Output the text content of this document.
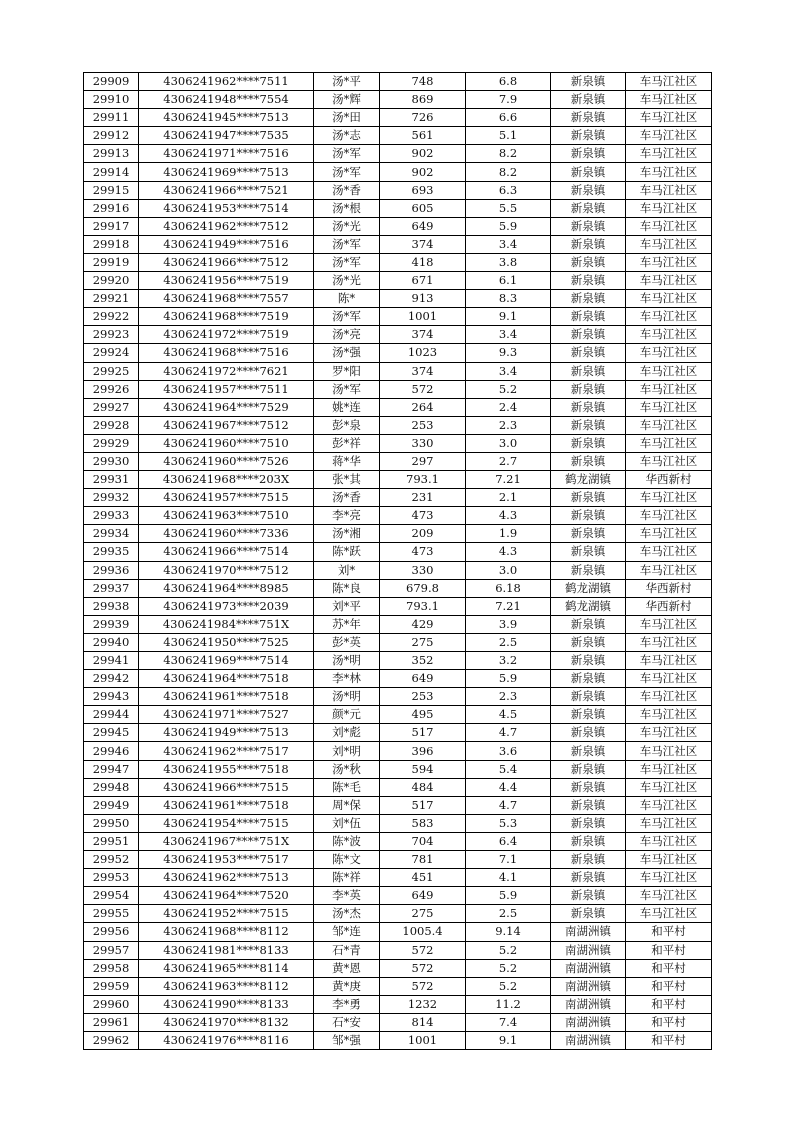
29909	4306241962****7511	汤*平	748	6.8	新泉镇	车马江社区
29910	4306241948****7554	汤*辉	869	7.9	新泉镇	车马江社区
29911	4306241945****7513	汤*田	726	6.6	新泉镇	车马江社区
29912	4306241947****7535	汤*志	561	5.1	新泉镇	车马江社区
29913	4306241971****7516	汤*军	902	8.2	新泉镇	车马江社区
29914	4306241969****7513	汤*军	902	8.2	新泉镇	车马江社区
29915	4306241966****7521	汤*香	693	6.3	新泉镇	车马江社区
29916	4306241953****7514	汤*根	605	5.5	新泉镇	车马江社区
29917	4306241962****7512	汤*光	649	5.9	新泉镇	车马江社区
29918	4306241949****7516	汤*军	374	3.4	新泉镇	车马江社区
29919	4306241966****7512	汤*军	418	3.8	新泉镇	车马江社区
29920	4306241956****7519	汤*光	671	6.1	新泉镇	车马江社区
29921	4306241968****7557	陈*	913	8.3	新泉镇	车马江社区
29922	4306241968****7519	汤*军	1001	9.1	新泉镇	车马江社区
29923	4306241972****7519	汤*亮	374	3.4	新泉镇	车马江社区
29924	4306241968****7516	汤*强	1023	9.3	新泉镇	车马江社区
29925	4306241972****7621	罗*阳	374	3.4	新泉镇	车马江社区
29926	4306241957****7511	汤*军	572	5.2	新泉镇	车马江社区
29927	4306241964****7529	姚*连	264	2.4	新泉镇	车马江社区
29928	4306241967****7512	彭*泉	253	2.3	新泉镇	车马江社区
29929	4306241960****7510	彭*祥	330	3.0	新泉镇	车马江社区
29930	4306241960****7526	蒋*华	297	2.7	新泉镇	车马江社区
29931	4306241968****203X	张*其	793.1	7.21	鹤龙湖镇	华西新村
29932	4306241957****7515	汤*香	231	2.1	新泉镇	车马江社区
29933	4306241963****7510	李*亮	473	4.3	新泉镇	车马江社区
29934	4306241960****7336	汤*湘	209	1.9	新泉镇	车马江社区
29935	4306241966****7514	陈*跃	473	4.3	新泉镇	车马江社区
29936	4306241970****7512	刘*	330	3.0	新泉镇	车马江社区
29937	4306241964****8985	陈*良	679.8	6.18	鹤龙湖镇	华西新村
29938	4306241973****2039	刘*平	793.1	7.21	鹤龙湖镇	华西新村
29939	4306241984****751X	苏*年	429	3.9	新泉镇	车马江社区
29940	4306241950****7525	彭*英	275	2.5	新泉镇	车马江社区
29941	4306241969****7514	汤*明	352	3.2	新泉镇	车马江社区
29942	4306241964****7518	李*林	649	5.9	新泉镇	车马江社区
29943	4306241961****7518	汤*明	253	2.3	新泉镇	车马江社区
29944	4306241971****7527	颜*元	495	4.5	新泉镇	车马江社区
29945	4306241949****7513	刘*彪	517	4.7	新泉镇	车马江社区
29946	4306241962****7517	刘*明	396	3.6	新泉镇	车马江社区
29947	4306241955****7518	汤*秋	594	5.4	新泉镇	车马江社区
29948	4306241966****7515	陈*毛	484	4.4	新泉镇	车马江社区
29949	4306241961****7518	周*保	517	4.7	新泉镇	车马江社区
29950	4306241954****7515	刘*伍	583	5.3	新泉镇	车马江社区
29951	4306241967****751X	陈*波	704	6.4	新泉镇	车马江社区
29952	4306241953****7517	陈*文	781	7.1	新泉镇	车马江社区
29953	4306241962****7513	陈*祥	451	4.1	新泉镇	车马江社区
29954	4306241964****7520	李*英	649	5.9	新泉镇	车马江社区
29955	4306241952****7515	汤*杰	275	2.5	新泉镇	车马江社区
29956	4306241968****8112	邹*连	1005.4	9.14	南湖洲镇	和平村
29957	4306241981****8133	石*青	572	5.2	南湖洲镇	和平村
29958	4306241965****8114	黄*恩	572	5.2	南湖洲镇	和平村
29959	4306241963****8112	黄*庚	572	5.2	南湖洲镇	和平村
29960	4306241990****8133	李*勇	1232	11.2	南湖洲镇	和平村
29961	4306241970****8132	石*安	814	7.4	南湖洲镇	和平村
29962	4306241976****8116	邹*强	1001	9.1	南湖洲镇	和平村
